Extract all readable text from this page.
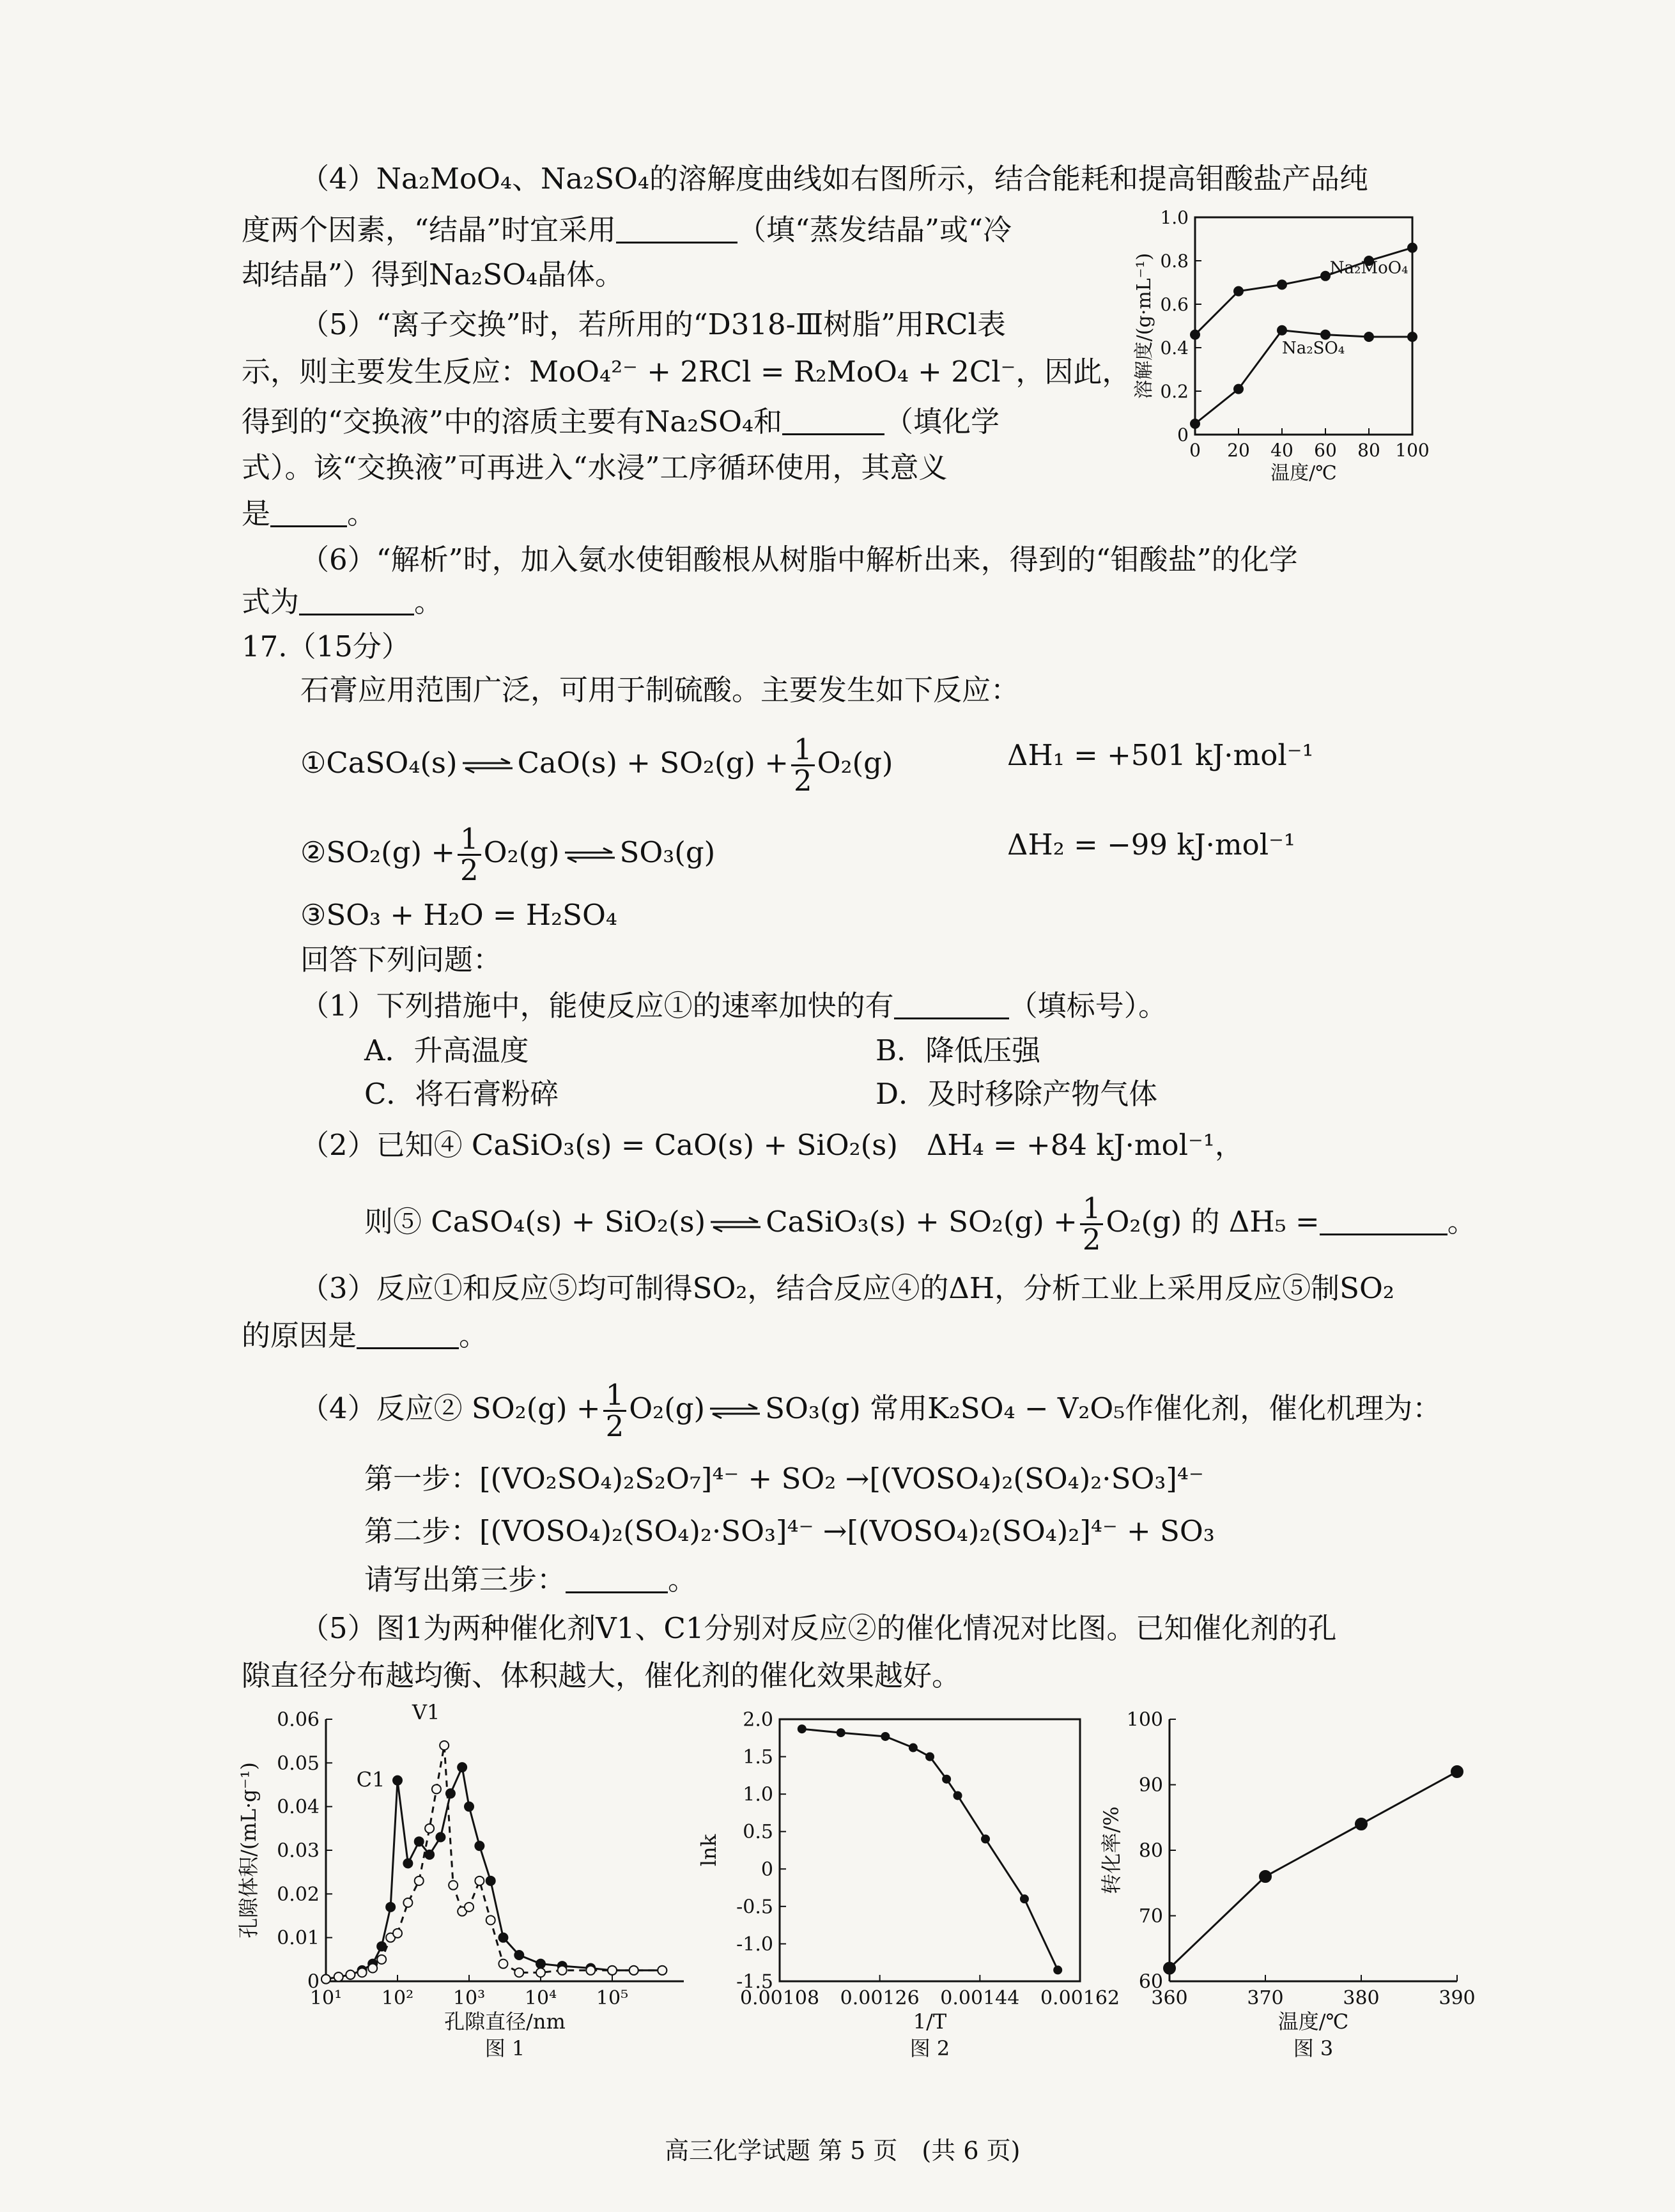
（4）Na₂MoO₄、Na₂SO₄的溶解度曲线如右图所示，结合能耗和提高钼酸盐产品纯
度两个因素，“结晶”时宜采用	（填“蒸发结晶”或“冷
却结晶”）得到Na₂SO₄晶体。
（5）“离子交换”时，若所用的“D318-Ⅲ树脂”用RCl表
示，则主要发生反应：MoO₄²⁻ + 2RCl = R₂MoO₄ + 2Cl⁻，因此，
得到的“交换液”中的溶质主要有Na₂SO₄和	（填化学
式）。该“交换液”可再进入“水浸”工序循环使用，其意义
是	。
（6）“解析”时，加入氨水使钼酸根从树脂中解析出来，得到的“钼酸盐”的化学
式为	。
0 20 40 60 80 100
0
0.2
0.4
0.6
0.8
1.0
温度/℃
溶解度/(g·mL⁻¹)	Na₂MoO₄
Na₂SO₄
17.（15分）
石膏应用范围广泛，可用于制硫酸。主要发生如下反应：
①CaSO₄(s) ⇌ $CaO(s) + SO_2(g) + \frac{1}{2} O_2(g)$	ΔH₁ = +501 kJ·mol⁻¹
②SO₂(g) + $\frac{1}{2} O_2(g)$ ⇌ SO₃(g)	ΔH₂ = −99 kJ·mol⁻¹
③SO₃ + H₂O = H₂SO₄
回答下列问题：
（1）下列措施中，能使反应①的速率加快的有	（填标号）。
A．升高温度	B．降低压强
C．将石膏粉碎	D．及时移除产物气体
（2）已知④ CaSiO₃(s) = CaO(s) + SiO₂(s)　ΔH₄ = +84 kJ·mol⁻¹，
则⑤ CaSO₄(s) + SiO₂(s) ⇌ CaSiO₃(s) + $SO_2(g) + \frac{1}{2} O_2(g)$ 的 ΔH₅ =	。
（3）反应①和反应⑤均可制得SO₂，结合反应④的ΔH，分析工业上采用反应⑤制SO₂
的原因是	。
（4）反应② $SO_2(g) + \frac{1}{2} O_2(g)$ ⇌ SO₃(g) 常用K₂SO₄ − V₂O₅作催化剂，催化机理为：
第一步：[(VO₂SO₄)₂S₂O₇]⁴⁻ + SO₂ →[(VOSO₄)₂(SO₄)₂·SO₃]⁴⁻
第二步：[(VOSO₄)₂(SO₄)₂·SO₃]⁴⁻ →[(VOSO₄)₂(SO₄)₂]⁴⁻ + SO₃
请写出第三步：	。
（5）图1为两种催化剂V1、C1分别对反应②的催化情况对比图。已知催化剂的孔
隙直径分布越均衡、体积越大，催化剂的催化效果越好。
10¹ 10² 10³ 10⁴ 10⁵
0
0.01
0.02
0.03
0.04
0.05
0.06
孔隙直径/nm
孔隙体积/(mL·g⁻¹)
图 1
C1
V1
0.00108 0.00126 0.00144 0.00162
2.0
1.5
1.0
0.5
0
-0.5
-1.0
-1.5
1/T
lnk
图 2
360	370	380	390
100
90
80
70
60
温度/℃
转化率/%
图 3
高三化学试题 第 5 页　(共 6 页)
